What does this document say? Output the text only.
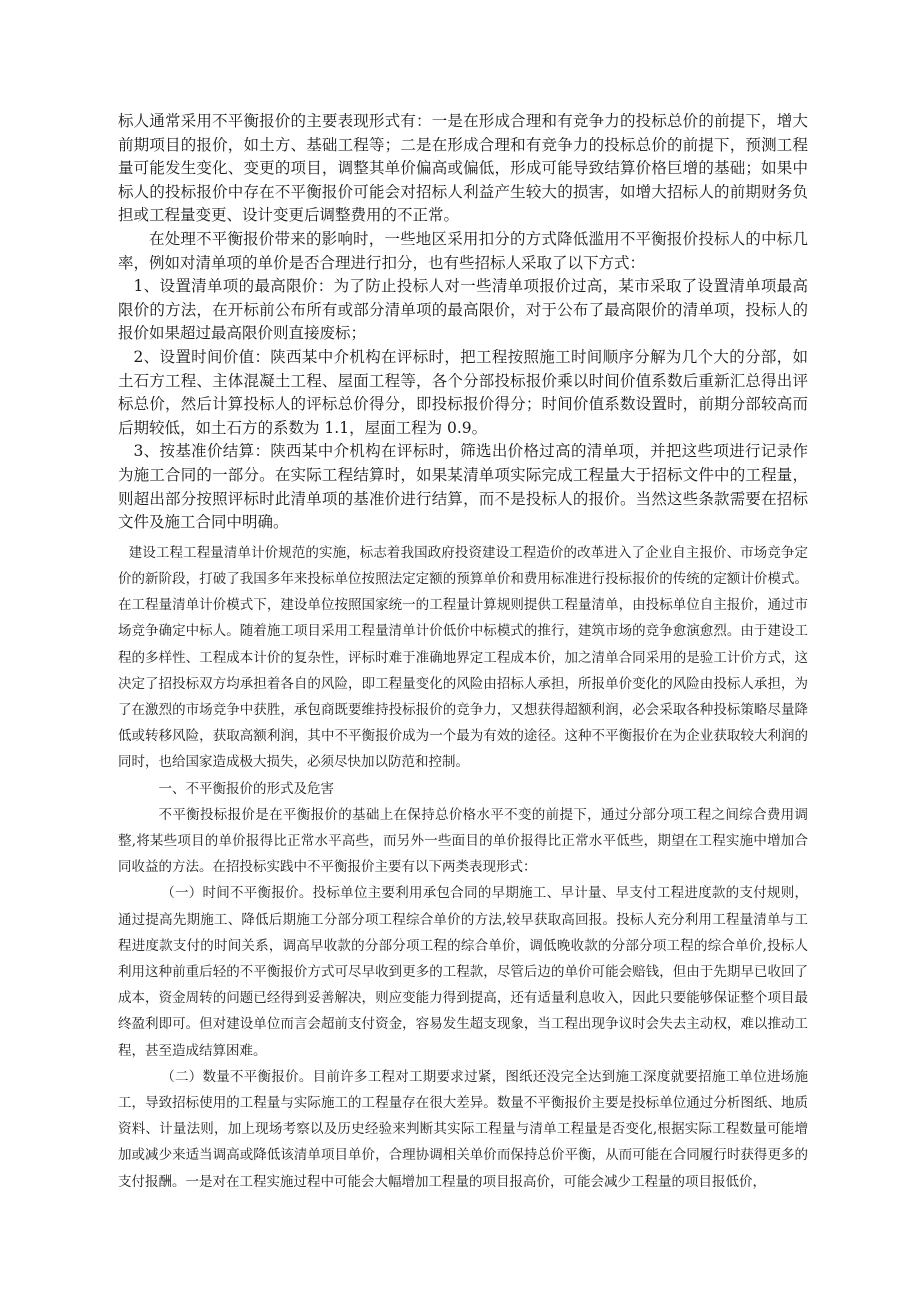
标人通常采用不平衡报价的主要表现形式有：一是在形成合理和有竞争力的投标总价的前提下，增大前期项目的报价，如土方、基础工程等；二是在形成合理和有竞争力的投标总价的前提下，预测工程量可能发生变化、变更的项目，调整其单价偏高或偏低，形成可能导致结算价格巨增的基础；如果中标人的投标报价中存在不平衡报价可能会对招标人利益产生较大的损害，如增大招标人的前期财务负担或工程量变更、设计变更后调整费用的不正常。

在处理不平衡报价带来的影响时，一些地区采用扣分的方式降低滥用不平衡报价投标人的中标几率，例如对清单项的单价是否合理进行扣分，也有些招标人采取了以下方式：

1、设置清单项的最高限价：为了防止投标人对一些清单项报价过高，某市采取了设置清单项最高限价的方法，在开标前公布所有或部分清单项的最高限价，对于公布了最高限价的清单项，投标人的报价如果超过最高限价则直接废标；

2、设置时间价值：陕西某中介机构在评标时，把工程按照施工时间顺序分解为几个大的分部，如土石方工程、主体混凝土工程、屋面工程等，各个分部投标报价乘以时间价值系数后重新汇总得出评标总价，然后计算投标人的评标总价得分，即投标报价得分；时间价值系数设置时，前期分部较高而后期较低，如土石方的系数为 1.1，屋面工程为 0.9。

3、按基准价结算：陕西某中介机构在评标时，筛选出价格过高的清单项，并把这些项进行记录作为施工合同的一部分。在实际工程结算时，如果某清单项实际完成工程量大于招标文件中的工程量，则超出部分按照评标时此清单项的基准价进行结算，而不是投标人的报价。当然这些条款需要在招标文件及施工合同中明确。

建设工程工程量清单计价规范的实施，标志着我国政府投资建设工程造价的改革进入了企业自主报价、市场竞争定价的新阶段，打破了我国多年来投标单位按照法定定额的预算单价和费用标准进行投标报价的传统的定额计价模式。在工程量清单计价模式下，建设单位按照国家统一的工程量计算规则提供工程量清单，由投标单位自主报价，通过市场竞争确定中标人。随着施工项目采用工程量清单计价低价中标模式的推行，建筑市场的竞争愈演愈烈。由于建设工程的多样性、工程成本计价的复杂性，评标时难于准确地界定工程成本价，加之清单合同采用的是验工计价方式，这决定了招投标双方均承担着各自的风险，即工程量变化的风险由招标人承担，所报单价变化的风险由投标人承担，为了在激烈的市场竞争中获胜，承包商既要维持投标报价的竞争力，又想获得超额利润，必会采取各种投标策略尽量降低或转移风险，获取高额利润，其中不平衡报价成为一个最为有效的途径。这种不平衡报价在为企业获取较大利润的同时，也给国家造成极大损失，必须尽快加以防范和控制。

一、不平衡报价的形式及危害

不平衡投标报价是在平衡报价的基础上在保持总价格水平不变的前提下，通过分部分项工程之间综合费用调整,将某些项目的单价报得比正常水平高些，而另外一些面目的单价报得比正常水平低些，期望在工程实施中增加合同收益的方法。在招投标实践中不平衡报价主要有以下两类表现形式：

（一）时间不平衡报价。投标单位主要利用承包合同的早期施工、早计量、早支付工程进度款的支付规则，通过提高先期施工、降低后期施工分部分项工程综合单价的方法,较早获取高回报。投标人充分利用工程量清单与工程进度款支付的时间关系，调高早收款的分部分项工程的综合单价，调低晚收款的分部分项工程的综合单价,投标人利用这种前重后轻的不平衡报价方式可尽早收到更多的工程款，尽管后边的单价可能会赔钱，但由于先期早已收回了成本，资金周转的问题已经得到妥善解决，则应变能力得到提高，还有适量利息收入，因此只要能够保证整个项目最终盈利即可。但对建设单位而言会超前支付资金，容易发生超支现象，当工程出现争议时会失去主动权，难以推动工程，甚至造成结算困难。

（二）数量不平衡报价。目前许多工程对工期要求过紧，图纸还没完全达到施工深度就要招施工单位进场施工，导致招标使用的工程量与实际施工的工程量存在很大差异。数量不平衡报价主要是投标单位通过分析图纸、地质资料、计量法则，加上现场考察以及历史经验来判断其实际工程量与清单工程量是否变化,根据实际工程数量可能增加或减少来适当调高或降低该清单项目单价，合理协调相关单价而保持总价平衡，从而可能在合同履行时获得更多的支付报酬。一是对在工程实施过程中可能会大幅增加工程量的项目报高价，可能会减少工程量的项目报低价，
